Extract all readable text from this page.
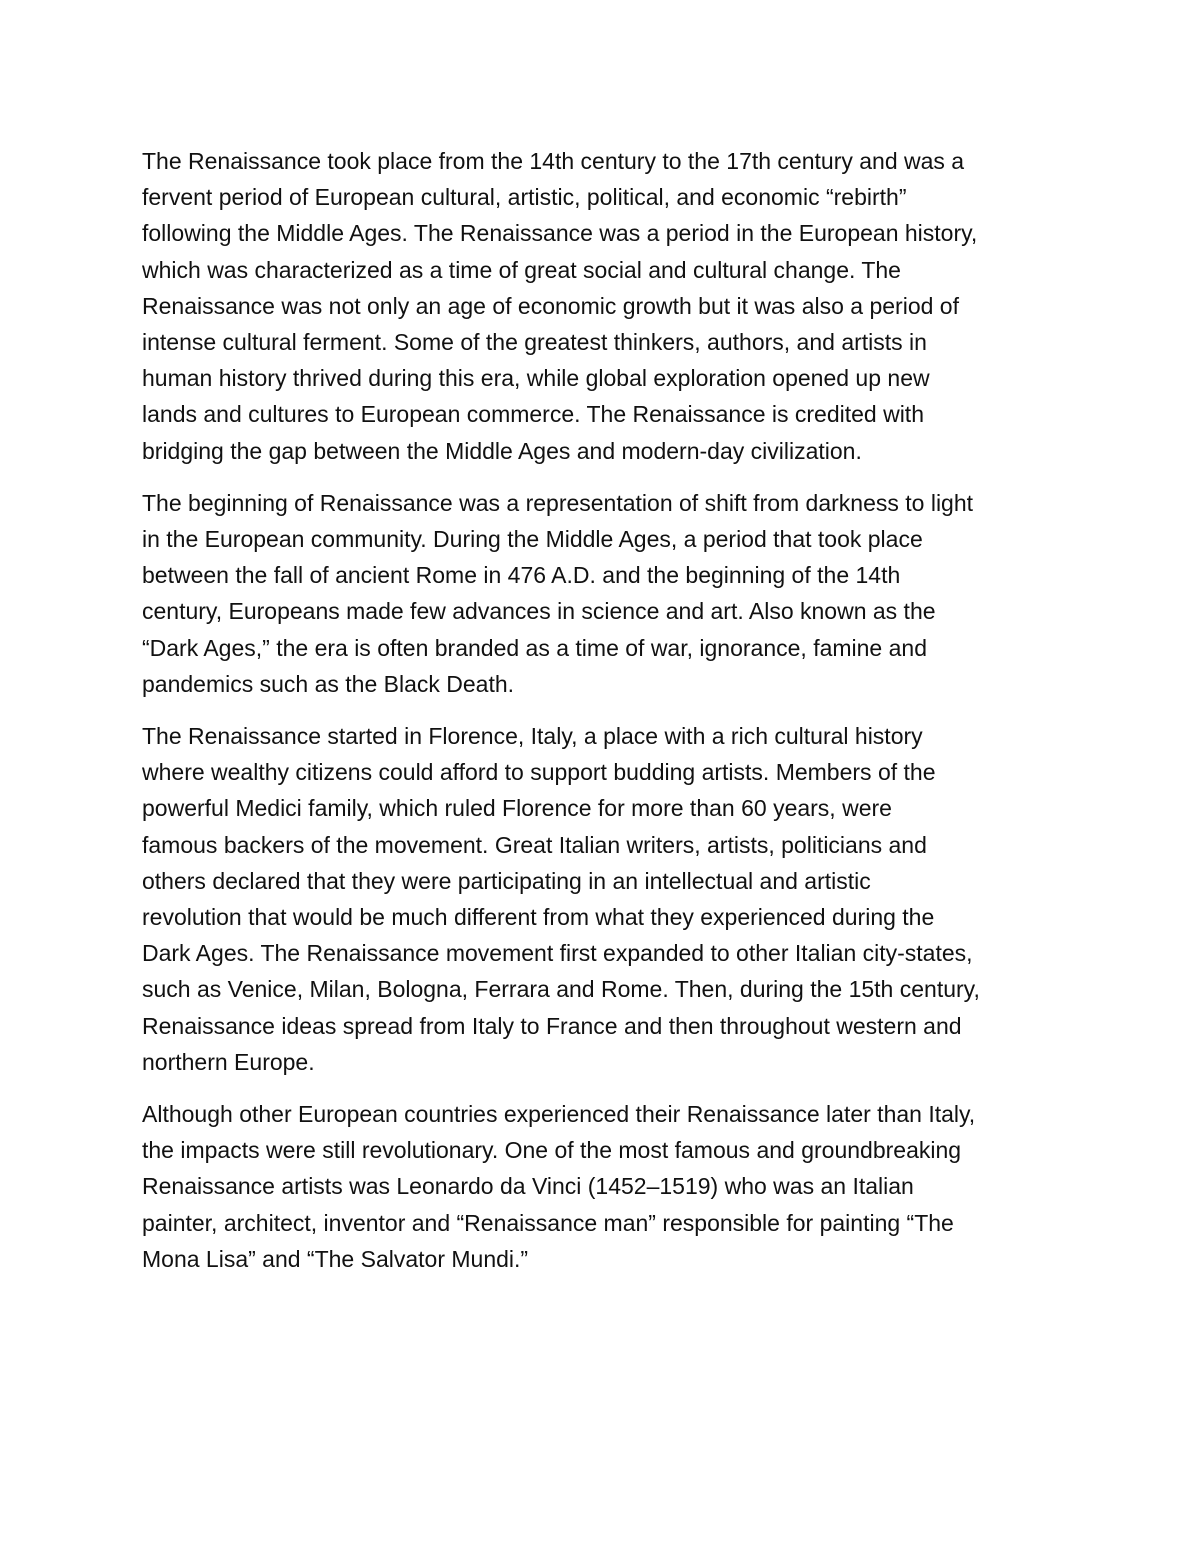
The Renaissance took place from the 14th century to the 17th century and was a
fervent period of European cultural, artistic, political, and economic “rebirth”
following the Middle Ages. The Renaissance was a period in the European history,
which was characterized as a time of great social and cultural change. The
Renaissance was not only an age of economic growth but it was also a period of
intense cultural ferment. Some of the greatest thinkers, authors, and artists in
human history thrived during this era, while global exploration opened up new
lands and cultures to European commerce. The Renaissance is credited with
bridging the gap between the Middle Ages and modern-day civilization.

The beginning of Renaissance was a representation of shift from darkness to light
in the European community. During the Middle Ages, a period that took place
between the fall of ancient Rome in 476 A.D. and the beginning of the 14th
century, Europeans made few advances in science and art. Also known as the
“Dark Ages,” the era is often branded as a time of war, ignorance, famine and
pandemics such as the Black Death.

The Renaissance started in Florence, Italy, a place with a rich cultural history
where wealthy citizens could afford to support budding artists. Members of the
powerful Medici family, which ruled Florence for more than 60 years, were
famous backers of the movement. Great Italian writers, artists, politicians and
others declared that they were participating in an intellectual and artistic
revolution that would be much different from what they experienced during the
Dark Ages. The Renaissance movement first expanded to other Italian city-states,
such as Venice, Milan, Bologna, Ferrara and Rome. Then, during the 15th century,
Renaissance ideas spread from Italy to France and then throughout western and
northern Europe.

Although other European countries experienced their Renaissance later than Italy,
the impacts were still revolutionary. One of the most famous and groundbreaking
Renaissance artists was Leonardo da Vinci (1452–1519) who was an Italian
painter, architect, inventor and “Renaissance man” responsible for painting “The
Mona Lisa” and “The Salvator Mundi.”
